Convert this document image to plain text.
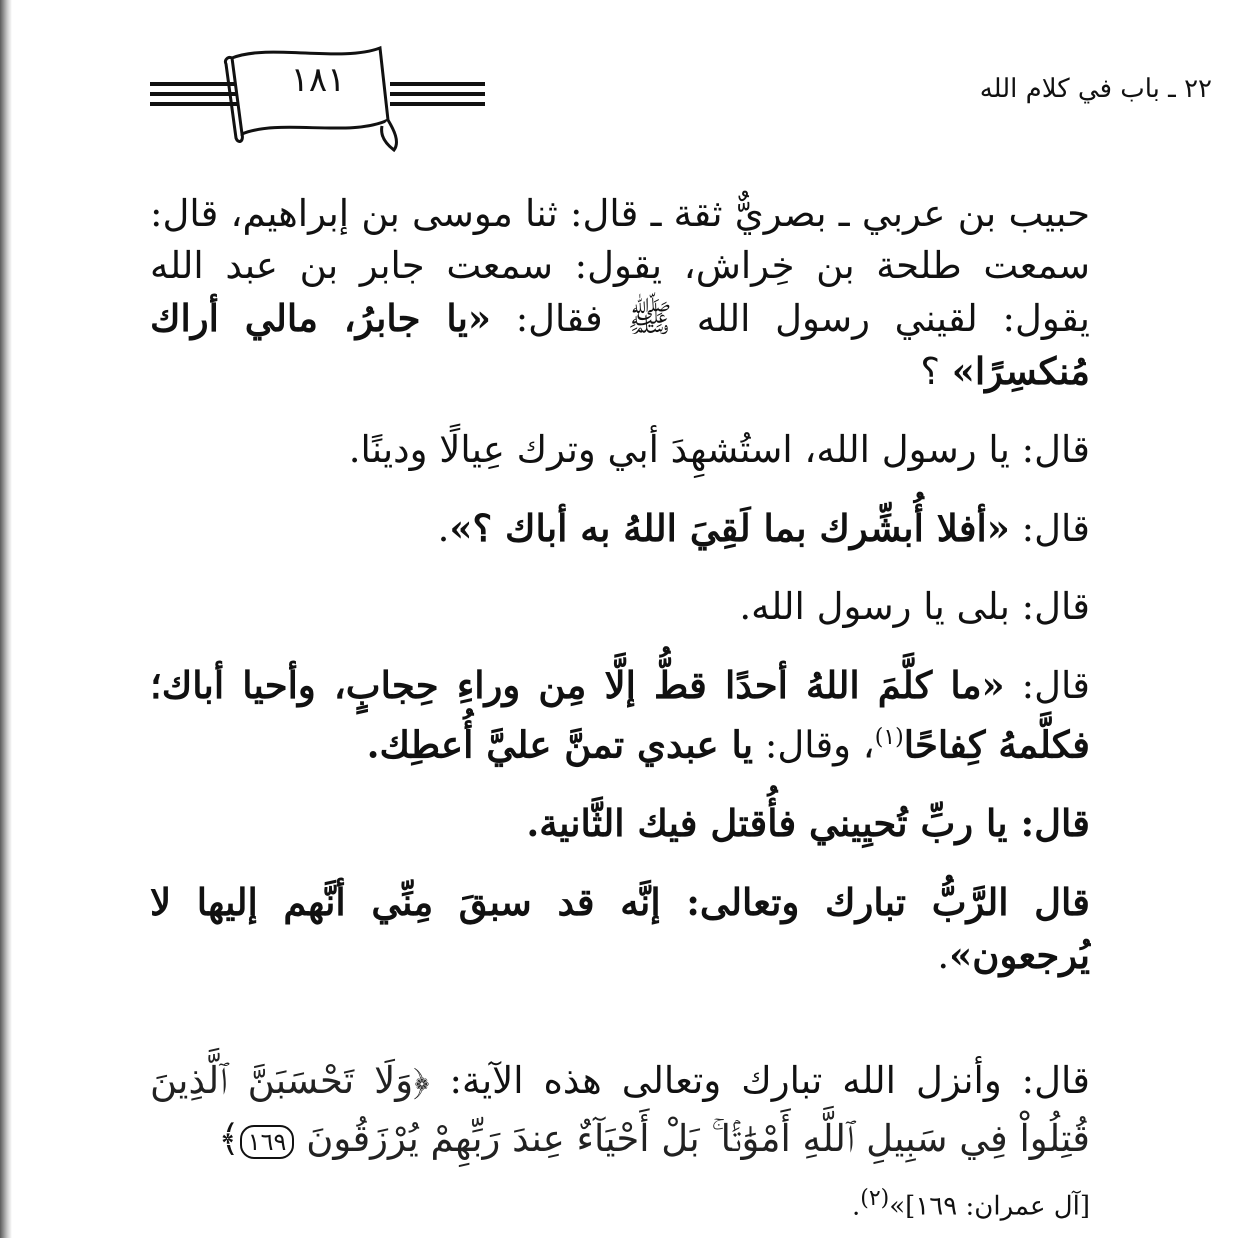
٢٢ ـ باب في كلام الله
١٨١

حبيب بن عربي ـ بصريٌّ ثقة ـ قال: ثنا موسى بن إبراهيم، قال: سمعت طلحة بن خِراش، يقول: سمعت جابر بن عبد الله يقول: لقيني رسول الله ﷺ فقال: «يا جابرُ، مالي أراك مُنكسِرًا» ؟

قال: يا رسول الله، استُشهِدَ أبي وترك عِيالًا ودينًا.

قال: «أفلا أُبشِّرك بما لَقِيَ اللهُ به أباك ؟».

قال: بلى يا رسول الله.

قال: «ما كلَّمَ اللهُ أحدًا قطُّ إلَّا مِن وراءِ حِجابٍ، وأحيا أباك؛ فكلَّمهُ كِفاحًا$^{(١)}$، وقال: يا عبدي تمنَّ عليَّ أُعطِك.

قال: يا ربِّ تُحيِيني فأُقتل فيك الثَّانية.

قال الرَّبُّ تبارك وتعالى: إنَّه قد سبقَ مِنِّي أنَّهم إليها لا يُرجعون».

قال: وأنزل الله تبارك وتعالى هذه الآية: ﴿وَلَا تَحْسَبَنَّ ٱلَّذِينَ قُتِلُواْ فِي سَبِيلِ ٱللَّهِ أَمْوَٰتَۢا ۚ بَلْ أَحْيَآءٌ عِندَ رَبِّهِمْ يُرْزَقُونَ ١٦٩﴾
[آل عمران: ١٦٩]»$^{(٢)}$.
